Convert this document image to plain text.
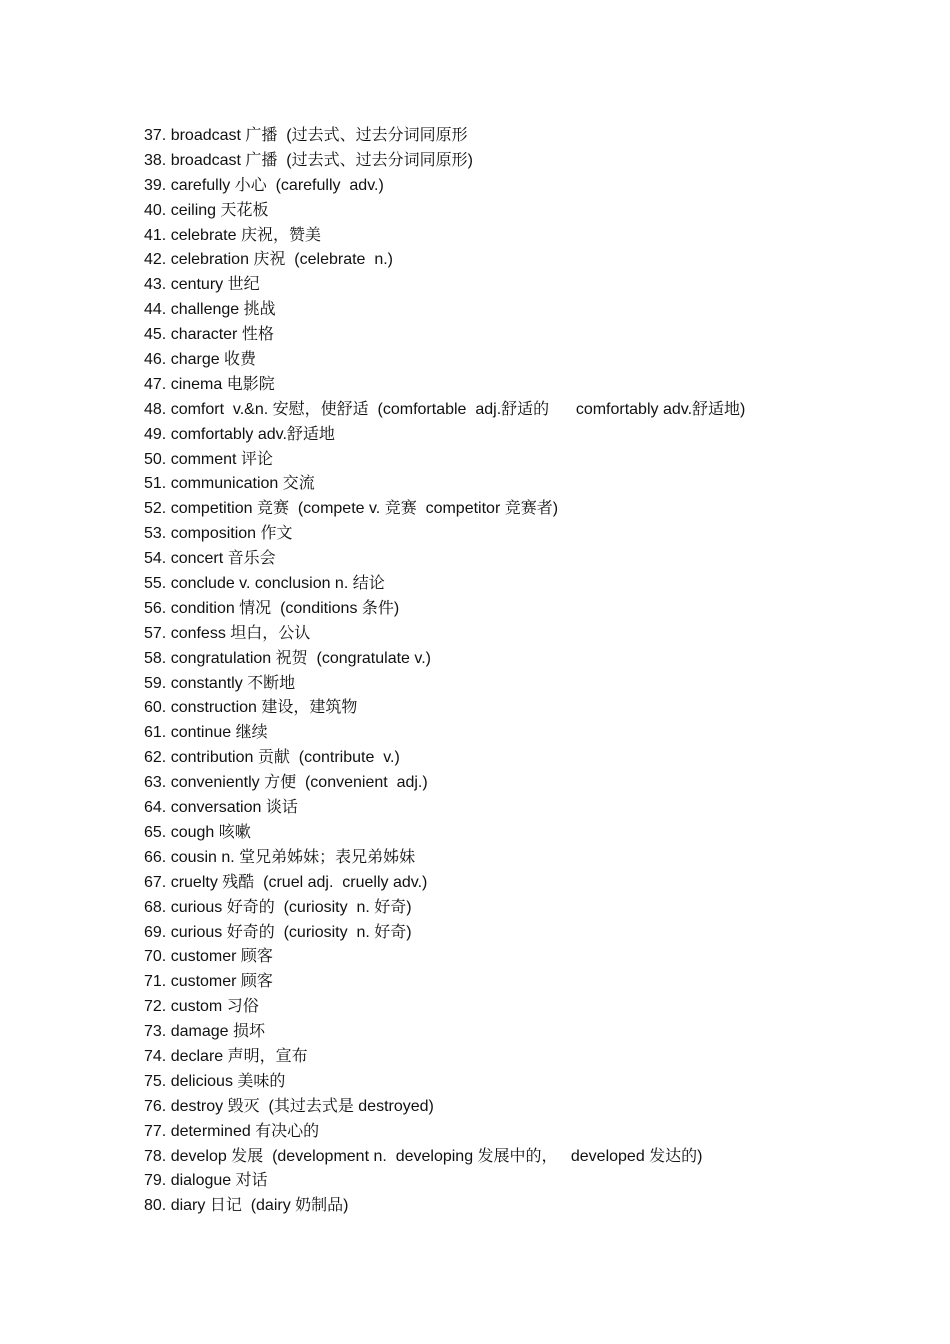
37. broadcast 广播  (过去式、过去分词同原形
38. broadcast 广播  (过去式、过去分词同原形)
39. carefully 小心  (carefully  adv.)
40. ceiling 天花板
41. celebrate 庆祝，赞美
42. celebration 庆祝  (celebrate  n.)
43. century 世纪
44. challenge 挑战
45. character 性格
46. charge 收费
47. cinema 电影院
48. comfort  v.&n. 安慰，使舒适  (comfortable  adj.舒适的      comfortably adv.舒适地)
49. comfortably adv.舒适地
50. comment 评论
51. communication 交流
52. competition 竞赛  (compete v. 竞赛  competitor 竞赛者)
53. composition 作文
54. concert 音乐会
55. conclude v. conclusion n. 结论
56. condition 情况  (conditions 条件)
57. confess 坦白，公认
58. congratulation 祝贺  (congratulate v.)
59. constantly 不断地
60. construction 建设，建筑物
61. continue 继续
62. contribution 贡献  (contribute  v.)
63. conveniently 方便  (convenient  adj.)
64. conversation 谈话
65. cough 咳嗽
66. cousin n. 堂兄弟姊妹；表兄弟姊妹
67. cruelty 残酷  (cruel adj.  cruelly adv.)
68. curious 好奇的  (curiosity  n. 好奇)
69. curious 好奇的  (curiosity  n. 好奇)
70. customer 顾客
71. customer 顾客
72. custom 习俗
73. damage 损坏
74. declare 声明，宣布
75. delicious 美味的
76. destroy 毁灭  (其过去式是 destroyed)
77. determined 有决心的
78. develop 发展  (development n.  developing 发展中的，   developed 发达的)
79. dialogue 对话
80. diary 日记  (dairy 奶制品)
